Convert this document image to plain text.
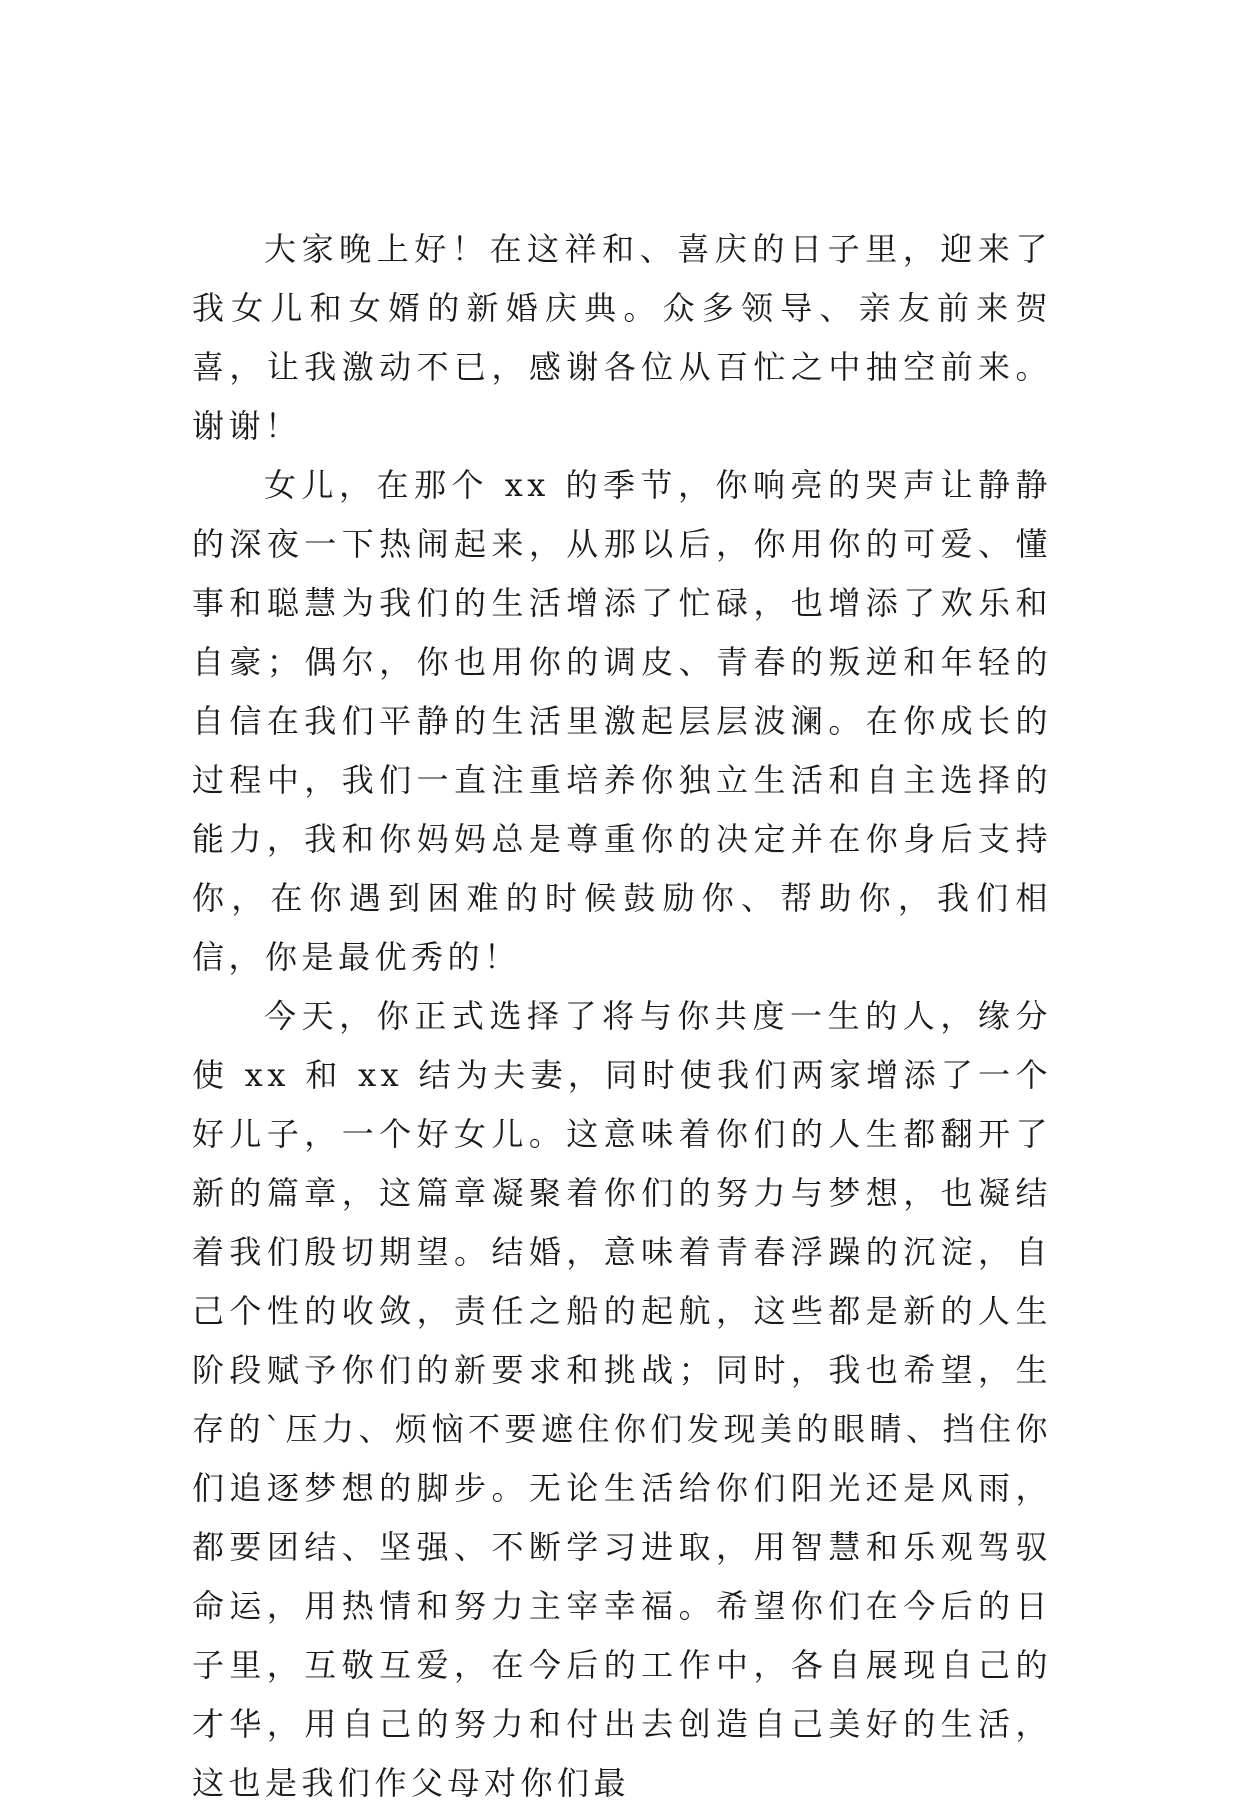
大家晚上好！在这祥和、喜庆的日子里，迎来了我女儿和女婿的新婚庆典。众多领导、亲友前来贺喜，让我激动不已，感谢各位从百忙之中抽空前来。谢谢！

女儿，在那个 xx 的季节，你响亮的哭声让静静的深夜一下热闹起来，从那以后，你用你的可爱、懂事和聪慧为我们的生活增添了忙碌，也增添了欢乐和自豪；偶尔，你也用你的调皮、青春的叛逆和年轻的自信在我们平静的生活里激起层层波澜。在你成长的过程中，我们一直注重培养你独立生活和自主选择的能力，我和你妈妈总是尊重你的决定并在你身后支持你，在你遇到困难的时候鼓励你、帮助你，我们相信，你是最优秀的！

今天，你正式选择了将与你共度一生的人，缘分使 xx 和 xx 结为夫妻，同时使我们两家增添了一个好儿子，一个好女儿。这意味着你们的人生都翻开了新的篇章，这篇章凝聚着你们的努力与梦想，也凝结着我们殷切期望。结婚，意味着青春浮躁的沉淀，自己个性的收敛，责任之船的起航，这些都是新的人生阶段赋予你们的新要求和挑战；同时，我也希望，生存的`压力、烦恼不要遮住你们发现美的眼睛、挡住你们追逐梦想的脚步。无论生活给你们阳光还是风雨，都要团结、坚强、不断学习进取，用智慧和乐观驾驭命运，用热情和努力主宰幸福。希望你们在今后的日子里，互敬互爱，在今后的工作中，各自展现自己的才华，用自己的努力和付出去创造自己美好的生活，这也是我们作父母对你们最
